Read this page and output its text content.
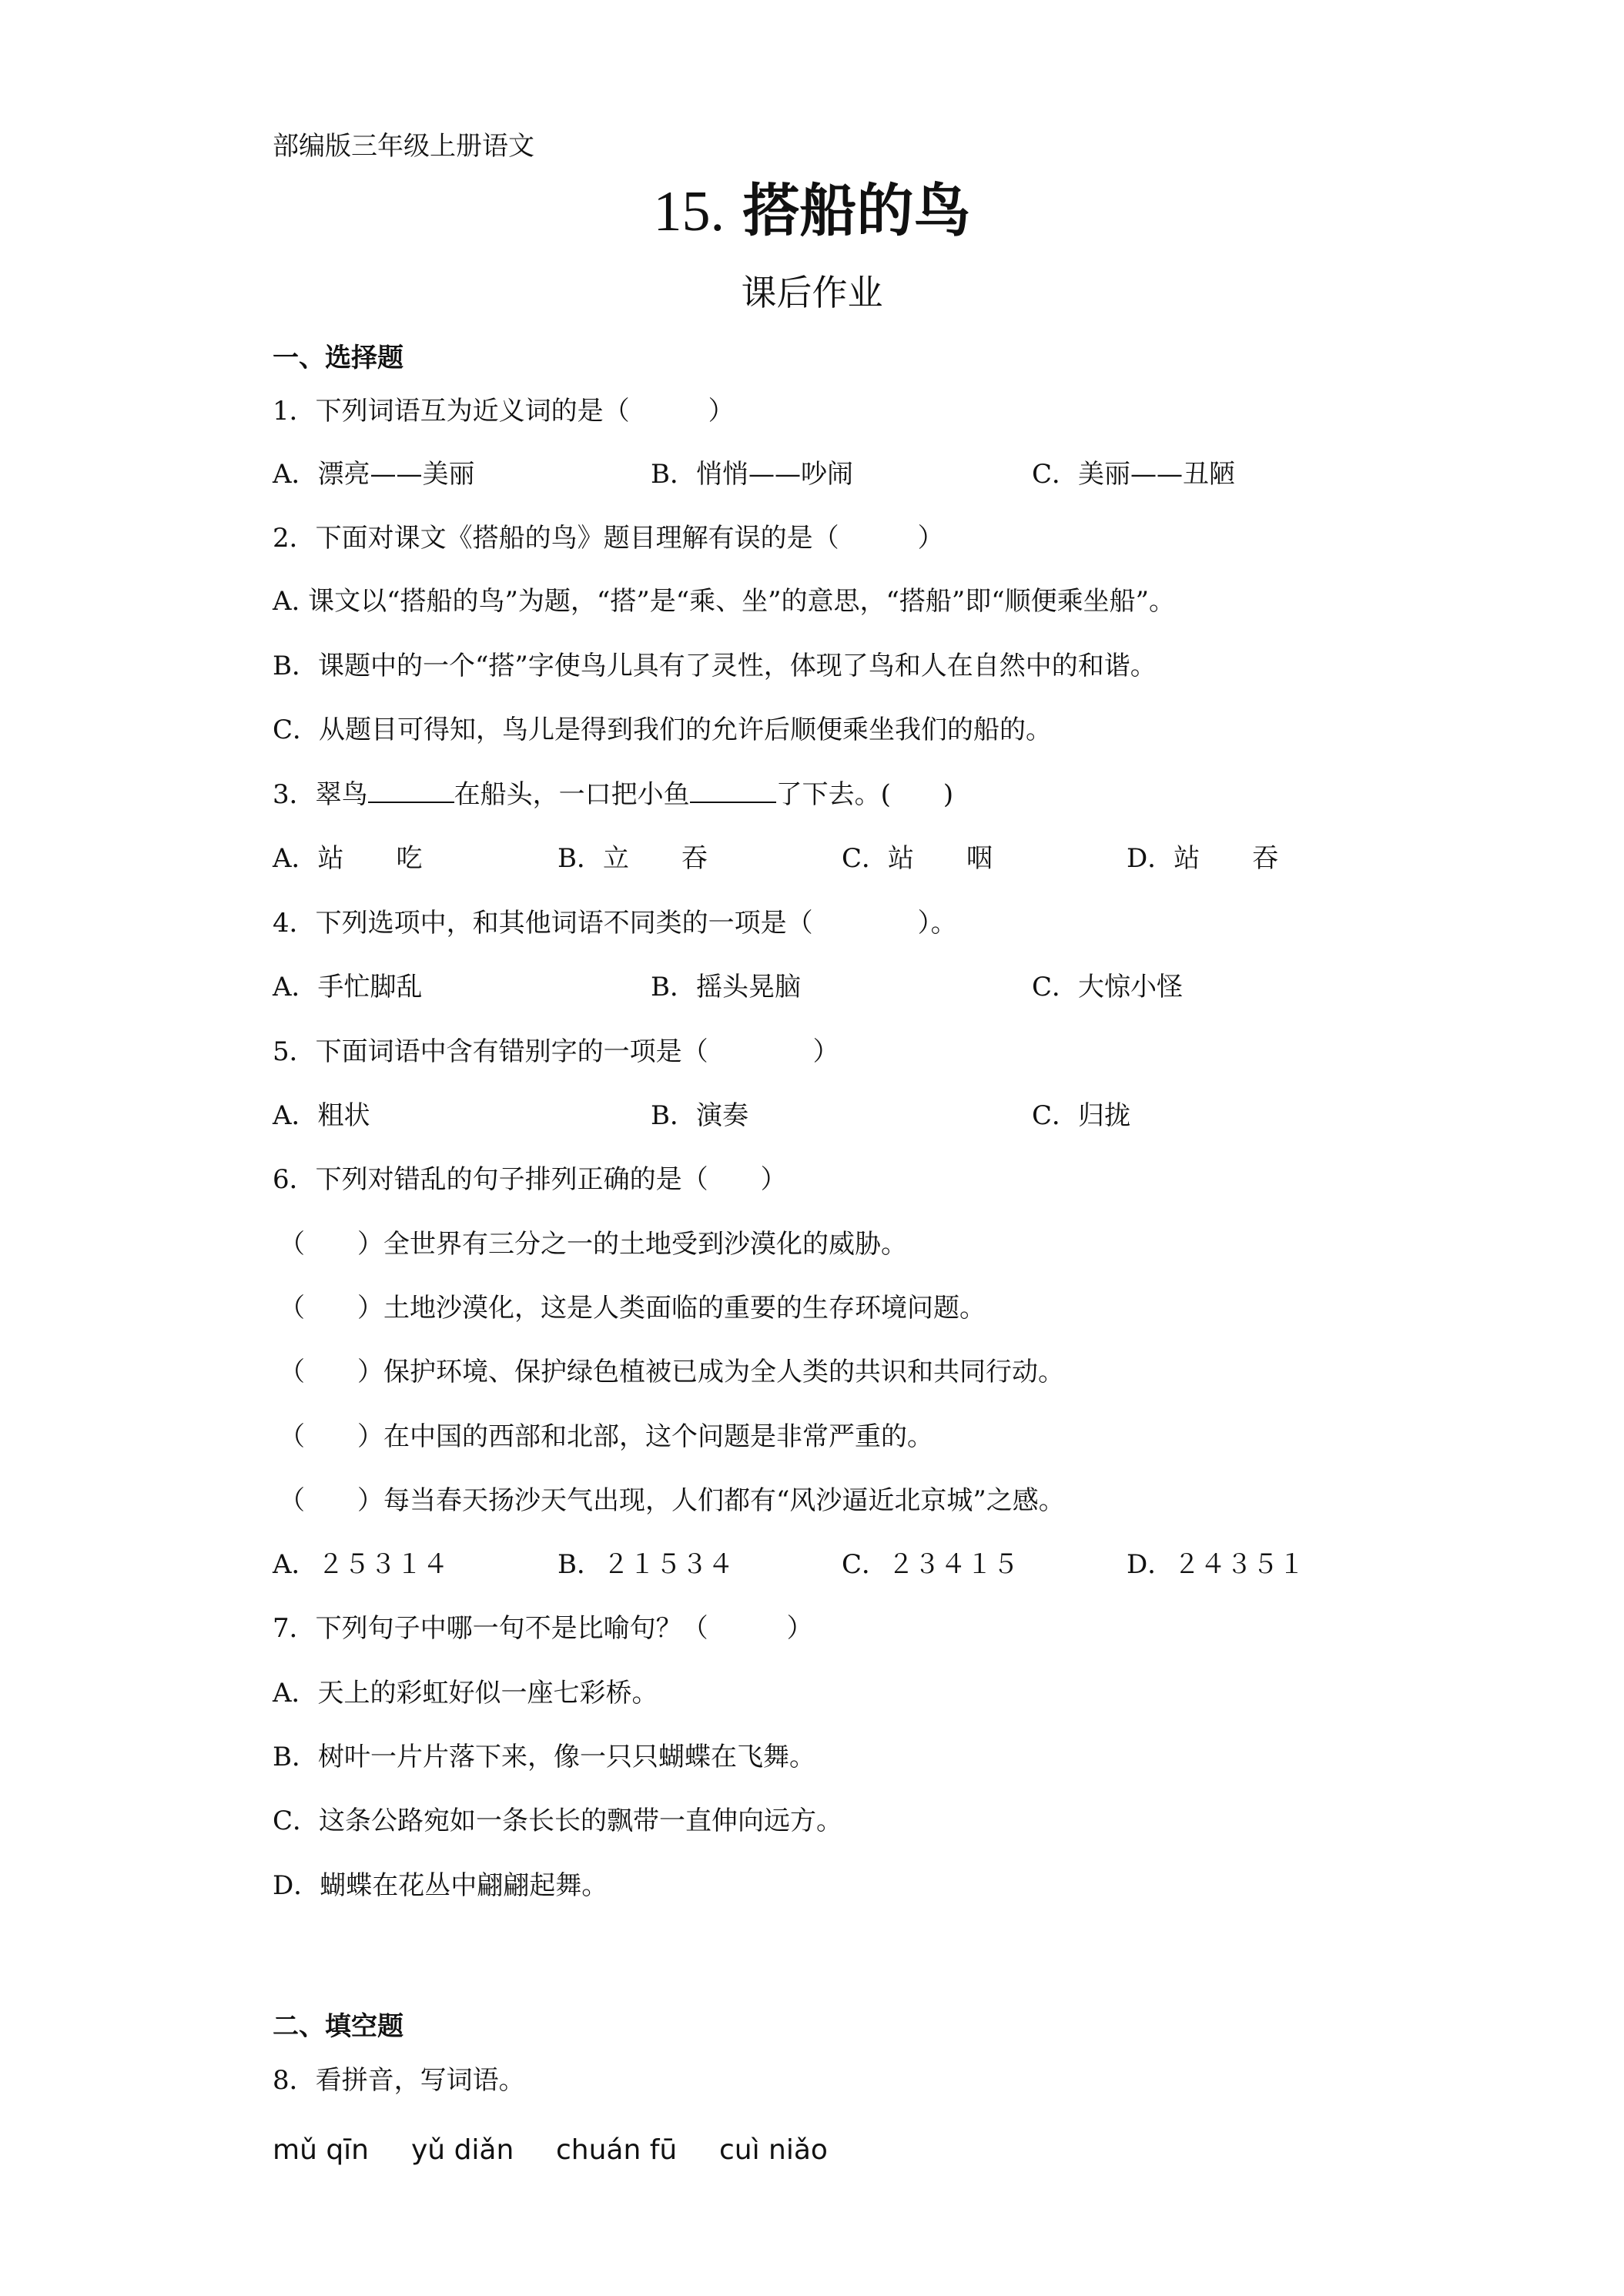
部编版三年级上册语文
15. 搭船的鸟
课后作业
一、选择题
1．下列词语互为近义词的是（　　　）
A．漂亮——美丽	B．悄悄——吵闹	C．美丽——丑陋
2．下面对课文《搭船的鸟》题目理解有误的是（　　　）
A. 课文以“搭船的鸟”为题，“搭”是“乘、坐”的意思，“搭船”即“顺便乘坐船”。
B．课题中的一个“搭”字使鸟儿具有了灵性，体现了鸟和人在自然中的和谐。
C．从题目可得知，鸟儿是得到我们的允许后顺便乘坐我们的船的。
3．翠鸟	在船头，一口把小鱼	了下去。(　　)
A．站　　吃	B．立　　吞	C．站　　咽	D．站　　吞
4．下列选项中，和其他词语不同类的一项是（　　　　）。
A．手忙脚乱	B．摇头晃脑	C．大惊小怪
5．下面词语中含有错别字的一项是（　　　　）
A．粗状	B．演奏	C．归拢
6．下列对错乱的句子排列正确的是（　　）
（　　）全世界有三分之一的土地受到沙漠化的威胁。
（　　）土地沙漠化，这是人类面临的重要的生存环境问题。
（　　）保护环境、保护绿色植被已成为全人类的共识和共同行动。
（　　）在中国的西部和北部，这个问题是非常严重的。
（　　）每当春天扬沙天气出现，人们都有“风沙逼近北京城”之感。
A．２５３１４	B．２１５３４	C．２３４１５	D．２４３５１
7．下列句子中哪一句不是比喻句？（　　　）
A．天上的彩虹好似一座七彩桥。
B．树叶一片片落下来，像一只只蝴蝶在飞舞。
C．这条公路宛如一条长长的飘带一直伸向远方。
D．蝴蝶在花丛中翩翩起舞。
二、填空题
8．看拼音，写词语。
mǔ qīn yǔ diǎn chuán fū cuì niǎo
